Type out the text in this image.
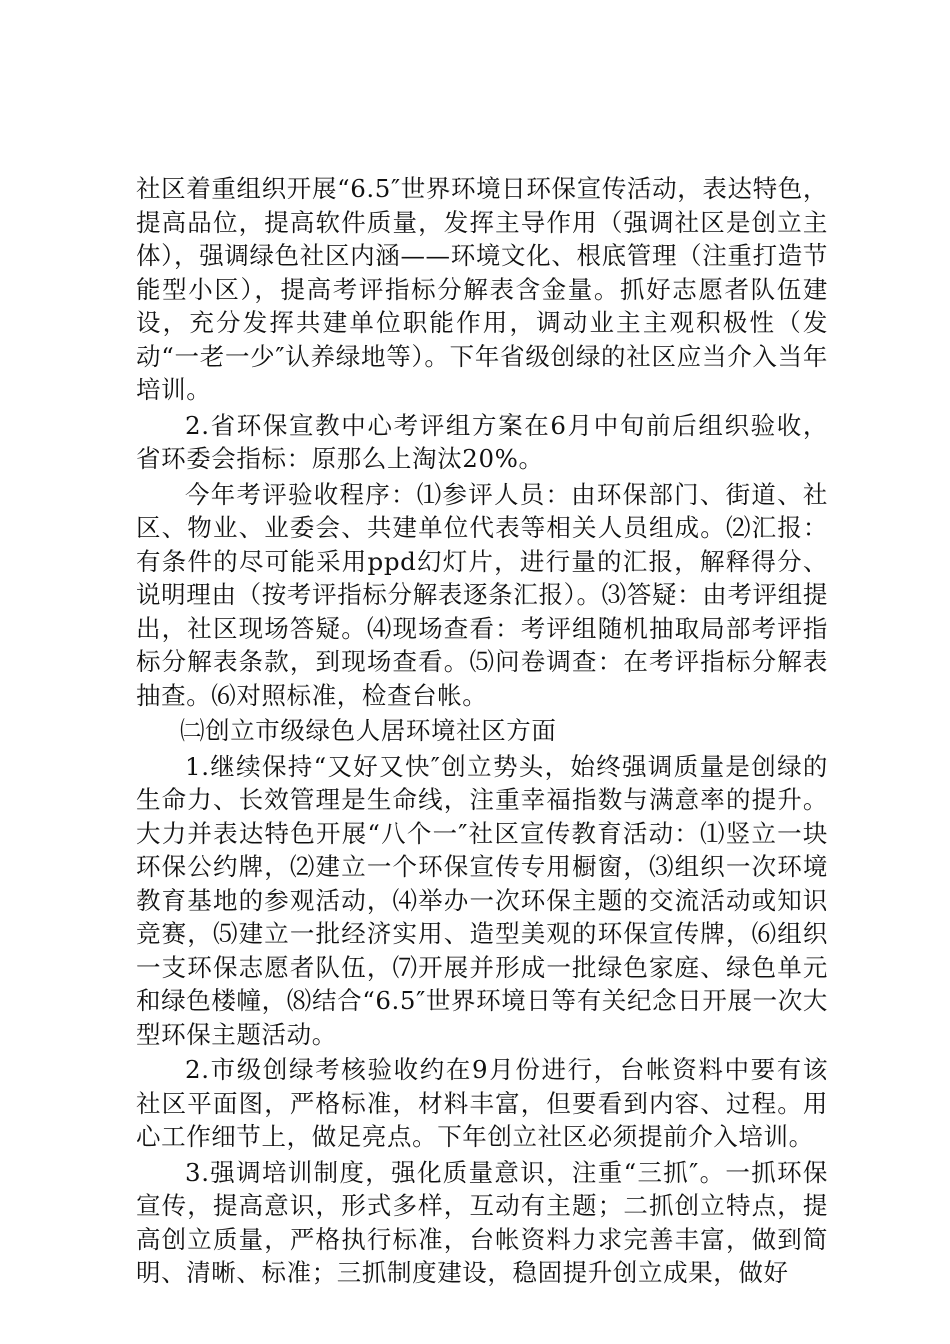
社区着重组织开展“6.5″世界环境日环保宣传活动，表达特色，提高品位，提高软件质量，发挥主导作用（强调社区是创立主体），强调绿色社区内涵——环境文化、根底管理（注重打造节能型小区），提高考评指标分解表含金量。抓好志愿者队伍建设，充分发挥共建单位职能作用，调动业主主观积极性（发动“一老一少″认养绿地等）。下年省级创绿的社区应当介入当年培训。

2.省环保宣教中心考评组方案在6月中旬前后组织验收，省环委会指标：原那么上淘汰20%。

今年考评验收程序：⑴参评人员：由环保部门、街道、社区、物业、业委会、共建单位代表等相关人员组成。⑵汇报：有条件的尽可能采用ppd幻灯片，进行量的汇报，解释得分、说明理由（按考评指标分解表逐条汇报）。⑶答疑：由考评组提出，社区现场答疑。⑷现场查看：考评组随机抽取局部考评指标分解表条款，到现场查看。⑸问卷调查：在考评指标分解表抽查。⑹对照标准，检查台帐。

㈡创立市级绿色人居环境社区方面

1.继续保持“又好又快″创立势头，始终强调质量是创绿的生命力、长效管理是生命线，注重幸福指数与满意率的提升。大力并表达特色开展“八个一″社区宣传教育活动：⑴竖立一块环保公约牌，⑵建立一个环保宣传专用橱窗，⑶组织一次环境教育基地的参观活动，⑷举办一次环保主题的交流活动或知识竞赛，⑸建立一批经济实用、造型美观的环保宣传牌，⑹组织一支环保志愿者队伍，⑺开展并形成一批绿色家庭、绿色单元和绿色楼幢，⑻结合“6.5″世界环境日等有关纪念日开展一次大型环保主题活动。

2.市级创绿考核验收约在9月份进行，台帐资料中要有该社区平面图，严格标准，材料丰富，但要看到内容、过程。用心工作细节上，做足亮点。下年创立社区必须提前介入培训。

3.强调培训制度，强化质量意识，注重“三抓″。一抓环保宣传，提高意识，形式多样，互动有主题；二抓创立特点，提高创立质量，严格执行标准，台帐资料力求完善丰富，做到简明、清晰、标准；三抓制度建设，稳固提升创立成果，做好
